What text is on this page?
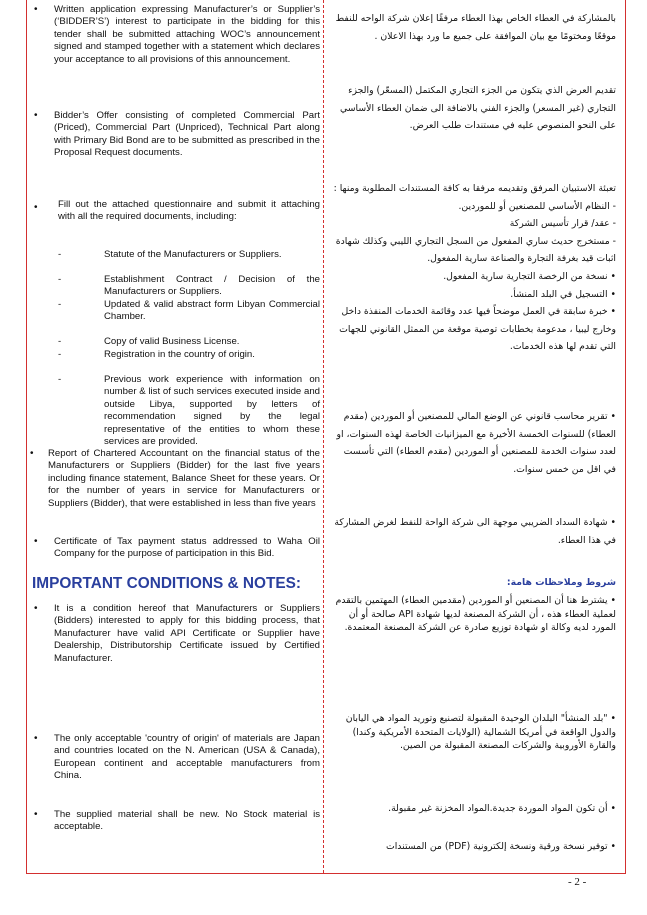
• Written application expressing Manufacturer’s or Supplier’s (‘BIDDER’S’) interest to participate in the bidding for this tender shall be submitted attaching WOC’s announcement signed and stamped together with a statement which declares your acceptance to all provisions of this announcement.
• Bidder’s Offer consisting of completed Commercial Part (Priced), Commercial Part (Unpriced), Technical Part along with Primary Bid Bond are to be submitted as prescribed in the Proposal Request documents.
• Fill out the attached questionnaire and submit it attaching with all the required documents, including:
-	Statute of the Manufacturers or Suppliers.
-	Establishment Contract / Decision of the Manufacturers or Suppliers.
-	Updated & valid abstract form Libyan Commercial Chamber.
-	Copy of valid Business License.
-	Registration in the country of origin.
-	Previous work experience with information on number & list of such services executed inside and outside Libya, supported by letters of recommendation signed by the legal representative of the entities to whom these services are provided.
• Report of Chartered Accountant on the financial status of the Manufacturers or Suppliers (Bidder) for the last five years including finance statement, Balance Sheet for these years. Or for the number of years in service for Manufacturers or Suppliers (Bidder), that were established in less than five years
• Certificate of Tax payment status addressed to Waha Oil Company for the purpose of participation in this Bid.
IMPORTANT CONDITIONS & NOTES:
• It is a condition hereof that Manufacturers or Suppliers (Bidders) interested to apply for this bidding process, that Manufacturer have valid API Certificate or Supplier have Dealership, Distributorship Certificate issued by Certified Manufacturer.
• The only acceptable 'country of origin' of materials are Japan and countries located on the N. American (USA & Canada), European continent and acceptable manufacturers from China.
• The supplied material shall be new. No Stock material is acceptable.
بالمشاركة في العطاء الخاص بهذا العطاء مرفقًا إعلان شركة الواحه للنفط موقعًا ومختومًا مع بيان الموافقة على جميع ما ورد بهذا الاعلان .
تقديم العرض الذي يتكون من الجزء التجاري المكتمل (المسعّر) والجزء التجاري (غير المسعر) والجزء الفني بالاضافة الى ضمان العطاء الأساسي على النحو المنصوص عليه في مستندات طلب العرض.
تعبئة الاستبيان المرفق وتقديمه مرفقا به كافة المستندات المطلوبة ومنها :
- النظام الأساسي للمصنعين أو للموردين.
- عقد/ قرار تأسيس الشركة
- مستخرج حديث ساري المفعول من السجل التجاري الليبي وكذلك شهادة اثبات قيد بغرفة التجارة والصناعة سارية المفعول.
• نسخة من الرخصة التجارية سارية المفعول.
• التسجيل في البلد المنشأ.
• خبرة سابقة في العمل موضحاً فيها عدد وقائمة الخدمات المنفذة داخل وخارج ليبيا ، مدعومة بخطابات توصية موقعة من الممثل القانوني للجهات التي تقدم لها هذه الخدمات.
• تقرير محاسب قانوني عن الوضع المالي للمصنعين أو الموردين (مقدم العطاء) للسنوات الخمسة الأخيرة مع الميزانيات الخاصة لهذه السنوات، او لعدد سنوات الخدمة للمصنعين أو الموردين (مقدم العطاء) التي تأسست في اقل من خمس سنوات.
• شهادة السداد الضريبي موجهة الى شركة الواحة للنفط لغرض المشاركة في هذا العطاء.
شروط وملاحظات هامة:
• يشترط هنا أن المصنعين أو الموردين (مقدمين العطاء) المهتمين بالتقدم لعملية العطاء هذه ، أن الشركة المصنعة لديها شهادة API صالحة أو أن المورد لديه وكالة او شهادة توزيع صادرة عن الشركة المصنعة المعتمدة.
• "بلد المنشأ" البلدان الوحيدة المقبولة لتصنيع وتوريد المواد هي اليابان والدول الواقعة في أمريكا الشمالية (الولايات المتحدة الأمريكية وكندا) والقارة الأوروبية والشركات المصنعة المقبولة من الصين.
• أن تكون المواد الموردة جديدة.المواد المخزنة غير مقبولة.
• توفير نسخة ورقية ونسخة إلكترونية (PDF) من المستندات
- 2 -
